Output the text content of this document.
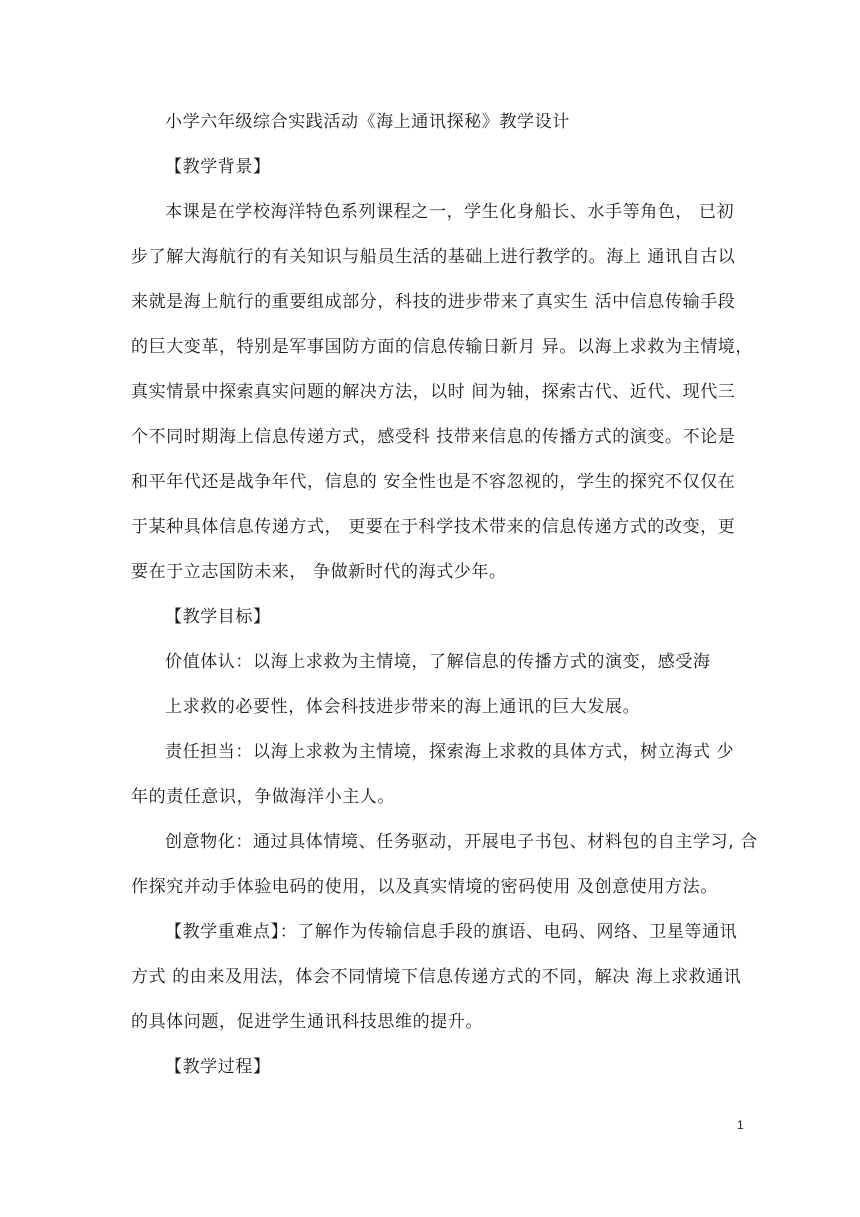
小学六年级综合实践活动《海上通讯探秘》教学设计
【教学背景】
本课是在学校海洋特色系列课程之一，学生化身船长、水手等角色， 已初
步了解大海航行的有关知识与船员生活的基础上进行教学的。海上 通讯自古以
来就是海上航行的重要组成部分，科技的进步带来了真实生 活中信息传输手段
的巨大变革，特别是军事国防方面的信息传输日新月 异。以海上求救为主情境，
真实情景中探索真实问题的解决方法，以时 间为轴，探索古代、近代、现代三
个不同时期海上信息传递方式，感受科 技带来信息的传播方式的演变。不论是
和平年代还是战争年代，信息的 安全性也是不容忽视的，学生的探究不仅仅在
于某种具体信息传递方式， 更要在于科学技术带来的信息传递方式的改变，更
要在于立志国防未来， 争做新时代的海式少年。
【教学目标】
价值体认：以海上求救为主情境，了解信息的传播方式的演变，感受海
上求救的必要性，体会科技进步带来的海上通讯的巨大发展。
责任担当：以海上求救为主情境，探索海上求救的具体方式，树立海式 少
年的责任意识，争做海洋小主人。
创意物化：通过具体情境、任务驱动，开展电子书包、材料包的自主学习, 合
作探究并动手体验电码的使用，以及真实情境的密码使用 及创意使用方法。
【教学重难点】：了解作为传输信息手段的旗语、电码、网络、卫星等通讯
方式 的由来及用法，体会不同情境下信息传递方式的不同，解决 海上求救通讯
的具体问题，促进学生通讯科技思维的提升。
【教学过程】
1
